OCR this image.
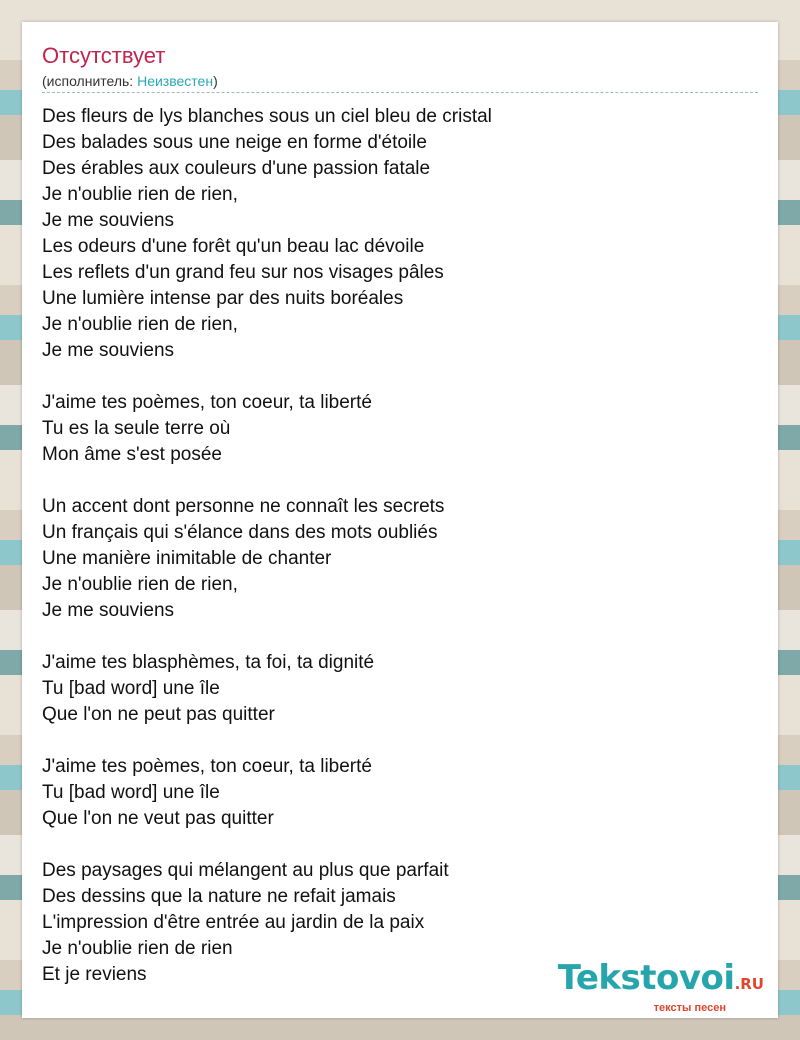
Отсутствует
(исполнитель: Неизвестен)
Des fleurs de lys blanches sous un ciel bleu de cristal
Des balades sous une neige en forme d'étoile
Des érables aux couleurs d'une passion fatale
Je n'oublie rien de rien,
Je me souviens
Les odeurs d'une forêt qu'un beau lac dévoile
Les reflets d'un grand feu sur nos visages pâles
Une lumière intense par des nuits boréales
Je n'oublie rien de rien,
Je me souviens
J'aime tes poèmes, ton coeur, ta liberté
Tu es la seule terre où
Mon âme s'est posée
Un accent dont personne ne connaît les secrets
Un français qui s'élance dans des mots oubliés
Une manière inimitable de chanter
Je n'oublie rien de rien,
Je me souviens
J'aime tes blasphèmes, ta foi, ta dignité
Tu [bad word] une île
Que l'on ne peut pas quitter
J'aime tes poèmes, ton coeur, ta liberté
Tu [bad word] une île
Que l'on ne veut pas quitter
Des paysages qui mélangent au plus que parfait
Des dessins que la nature ne refait jamais
L'impression d'être entrée au jardin de la paix
Je n'oublie rien de rien
Et je reviens	Tekstovoi.RU
тексты песен
